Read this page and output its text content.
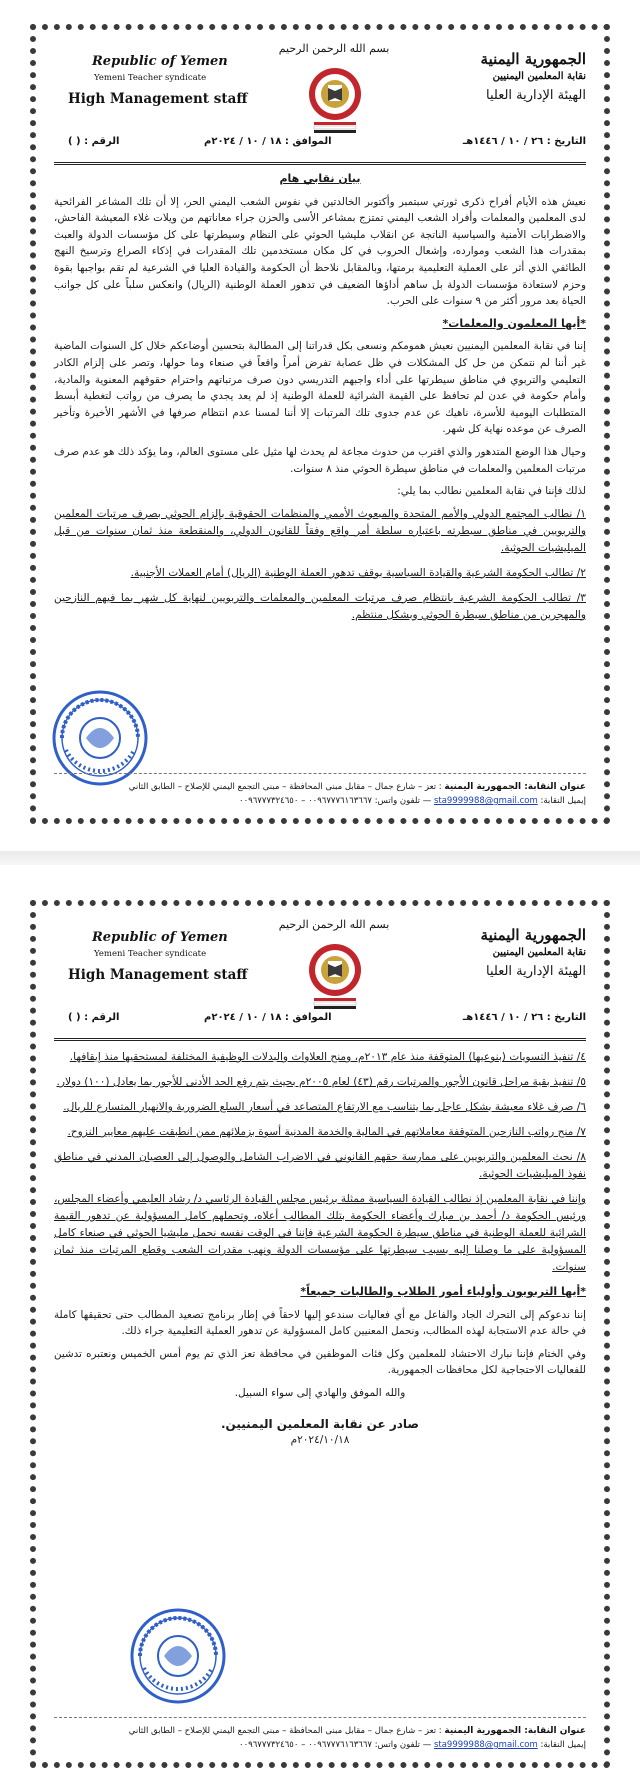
بسم الله الرحمن الرحيم
الجمهورية اليمنية
نقابة المعلمين اليمنيين
الهيئة الإدارية العليا
Republic of Yemen
Yemeni Teacher syndicate
High Management staff
التاريخ : ٢٦ / ١٠ / ١٤٤٦هـ
الموافق : ١٨ / ١٠ / ٢٠٢٤م
الرقم : ( )
بيان نقابي هام

نعيش هذه الأيام أفراح ذكرى ثورتي سبتمبر وأكتوبر الخالدتين في نفوس الشعب اليمني الحر، إلا أن تلك المشاعر الفرائحية لدى المعلمين والمعلمات وأفراد الشعب اليمني تمتزج بمشاعر الأسى والحزن جراء معاناتهم من ويلات غلاء المعيشة الفاحش، والاضطرابات الأمنية والسياسية الناتجة عن انقلاب مليشيا الحوثي على النظام وسيطرتها على كل مؤسسات الدولة والعبث بمقدرات هذا الشعب وموارده، وإشعال الحروب في كل مكان مستخدمين تلك المقدرات في إذكاء الصراع وترسيخ النهج الطائفي الذي أثر على العملية التعليمية برمتها، وبالمقابل نلاحظ أن الحكومة والقيادة العليا في الشرعية لم تقم بواجبها بقوة وحزم لاستعادة مؤسسات الدولة بل ساهم أداؤها الضعيف في تدهور العملة الوطنية (الريال) وانعكس سلباً على كل جوانب الحياة بعد مرور أكثر من ٩ سنوات على الحرب.

*أيها المعلمون والمعلمات*

إننا في نقابة المعلمين اليمنيين نعيش همومكم ونسعى بكل قدراتنا إلى المطالبة بتحسين أوضاعكم خلال كل السنوات الماضية غير أننا لم نتمكن من حل كل المشكلات في ظل عصابة تفرض أمراً واقعاً في صنعاء وما حولها، وتصر على إلزام الكادر التعليمي والتربوي في مناطق سيطرتها على أداء واجبهم التدريسي دون صرف مرتباتهم واحترام حقوقهم المعنوية والمادية، وأمام حكومة في عدن لم تحافظ على القيمة الشرائية للعملة الوطنية إذ لم يعد يجدي ما يصرف من رواتب لتغطية أبسط المتطلبات اليومية للأسرة، ناهيك عن عدم جدوى تلك المرتبات إلا أننا لمسنا عدم انتظام صرفها في الأشهر الأخيرة وتأخير الصرف عن موعده نهاية كل شهر.

وحيال هذا الوضع المتدهور والذي اقترب من حدوث مجاعة لم يحدث لها مثيل على مستوى العالم، وما يؤكد ذلك هو عدم صرف مرتبات المعلمين والمعلمات في مناطق سيطرة الحوثي منذ ٨ سنوات.

لذلك فإننا في نقابة المعلمين نطالب بما يلي:

١/ نطالب المجتمع الدولي والأمم المتحدة والمبعوث الأممي والمنظمات الحقوقية بإلزام الحوثي بصرف مرتبات المعلمين والتربويين في مناطق سيطرته باعتباره سلطة أمر واقع وفقاً للقانون الدولي، والمنقطعة منذ ثمان سنوات من قبل الميليشيات الحوثية.

٢/ تطالب الحكومة الشرعية والقيادة السياسية بوقف تدهور العملة الوطنية (الريال) أمام العملات الأجنبية.

٣/ تطالب الحكومة الشرعية بانتظام صرف مرتبات المعلمين والمعلمات والتربويين لنهاية كل شهر بما فيهم النازحين والمهجرين من مناطق سيطرة الحوثي وبشكل منتظم.

عنوان النقابة: الجمهورية اليمنية : تعز – شارع جمال – مقابل مبنى المحافظة – مبنى التجمع اليمني للإصلاح – الطابق الثاني
إيميل النقابة: sta9999988@gmail.com — تلفون واتس: ٠٠٩٦٧٧٧٦١٦٣٦٦٧ – ٠٠٩٦٧٧٧٣٢٤٦٥٠
بسم الله الرحمن الرحيم
الجمهورية اليمنية
نقابة المعلمين اليمنيين
الهيئة الإدارية العليا
Republic of Yemen
Yemeni Teacher syndicate
High Management staff
التاريخ : ٢٦ / ١٠ / ١٤٤٦هـ
الموافق : ١٨ / ١٠ / ٢٠٢٤م
الرقم : ( )

٤/ تنفيذ التسويات (بنوعيها) المتوقفة منذ عام ٢٠١٣م، ومنح العلاوات والبدلات الوظيفية المختلفة لمستحقيها منذ إيقافها.

٥/ تنفيذ بقية مراحل قانون الأجور والمرتبات رقم (٤٣) لعام ٢٠٠٥م بحيث يتم رفع الحد الأدنى للأجور بما يعادل (١٠٠) دولار.

٦/ صرف غلاء معيشة بشكل عاجل بما يتناسب مع الارتفاع المتصاعد في أسعار السلع الضرورية والانهيار المتسارع للريال.

٧/ منح رواتب النازحين المتوقفة معاملاتهم في المالية والخدمة المدنية أسوة بزملائهم ممن انطبقت عليهم معايير النزوح.

٨/ نحث المعلمين والتربويين على ممارسة حقهم القانوني في الاضراب الشامل والوصول إلى العصيان المدني في مناطق نفوذ الميليشيات الحوثية.

وإننا في نقابة المعلمين إذ نطالب القيادة السياسية ممثلة برئيس مجلس القيادة الرئاسي د/ رشاد العليمي وأعضاء المجلس، ورئيس الحكومة د/ أحمد بن مبارك وأعضاء الحكومة بتلك المطالب أعلاه، وتحملهم كامل المسؤولية عن تدهور القيمة الشرائية للعملة الوطنية في مناطق سيطرة الحكومة الشرعية فإننا في الوقت نفسه نحمل مليشيا الحوثي في صنعاء كامل المسؤولية على ما وصلنا إليه بسبب سيطرتها على مؤسسات الدولة ونهب مقدرات الشعب وقطع المرتبات منذ ثمان سنوات.

*أيها التربويون وأولياء أمور الطلاب والطالبات جميعاً*

إننا ندعوكم إلى التحرك الجاد والفاعل مع أي فعاليات سندعو إليها لاحقاً في إطار برنامج تصعيد المطالب حتى تحقيقها كاملة في حالة عدم الاستجابة لهذه المطالب، ونحمل المعنيين كامل المسؤولية عن تدهور العملية التعليمية جراء ذلك.

وفي الختام فإننا نبارك الاحتشاد للمعلمين وكل فئات الموظفين في محافظة تعز الذي تم يوم أمس الخميس ونعتبره تدشين للفعاليات الاحتجاجية لكل محافظات الجمهورية.

والله الموفق والهادي إلى سواء السبيل.
صادر عن نقابة المعلمين اليمنيين.
٢٠٢٤/١٠/١٨م
عنوان النقابة: الجمهورية اليمنية : تعز – شارع جمال – مقابل مبنى المحافظة – مبنى التجمع اليمني للإصلاح – الطابق الثاني
إيميل النقابة: sta9999988@gmail.com — تلفون واتس: ٠٠٩٦٧٧٧٦١٦٣٦٦٧ – ٠٠٩٦٧٧٧٣٢٤٦٥٠
